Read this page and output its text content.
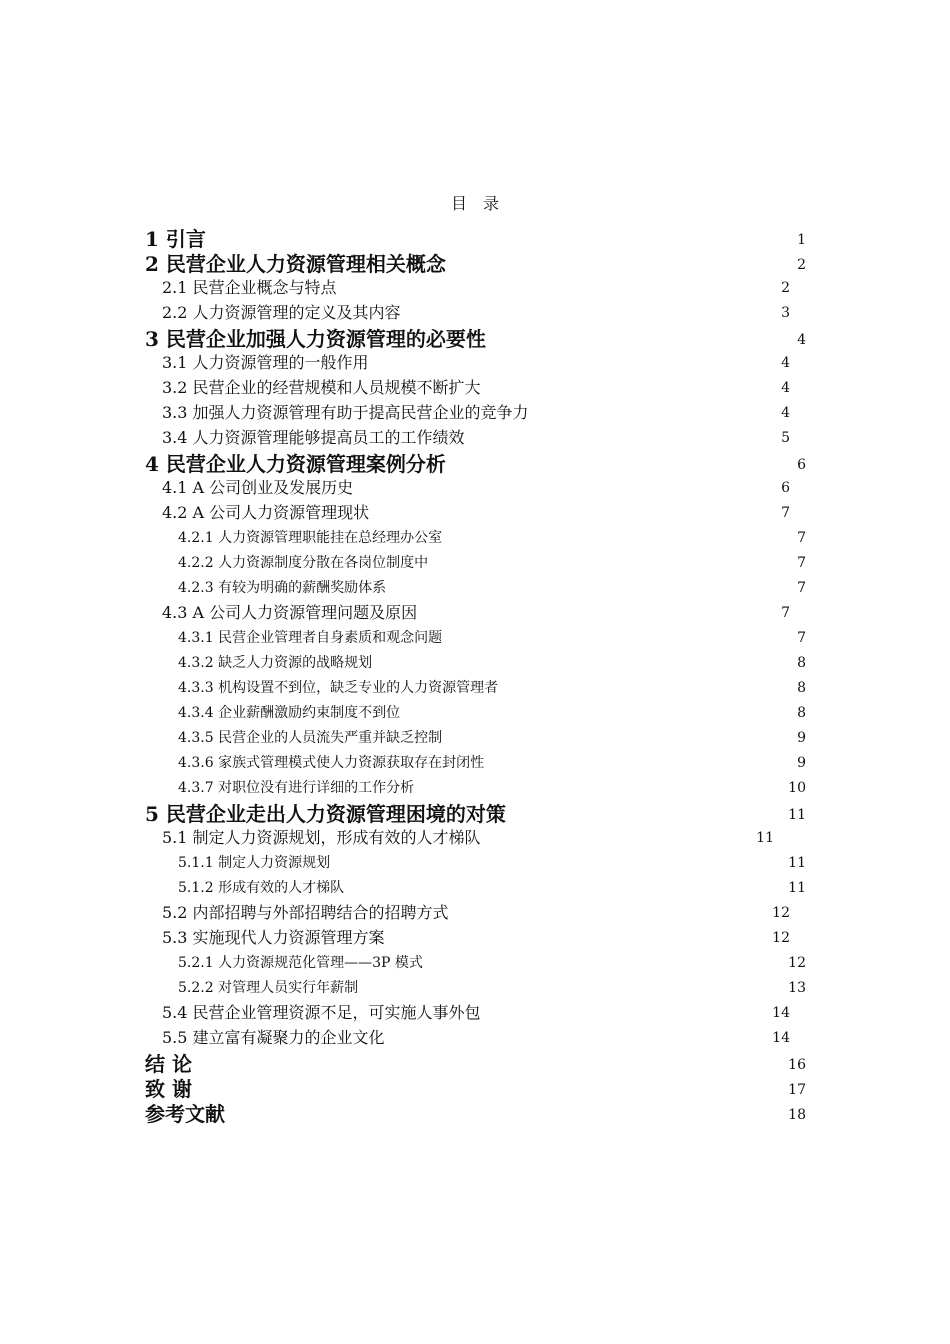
目录
1 引言	1
2 民营企业人力资源管理相关概念	2
2.1 民营企业概念与特点	2
2.2 人力资源管理的定义及其内容	3
3 民营企业加强人力资源管理的必要性	4
3.1 人力资源管理的一般作用	4
3.2 民营企业的经营规模和人员规模不断扩大	4
3.3 加强人力资源管理有助于提高民营企业的竞争力	4
3.4 人力资源管理能够提高员工的工作绩效	5
4 民营企业人力资源管理案例分析	6
4.1 A 公司创业及发展历史	6
4.2 A 公司人力资源管理现状	7
4.2.1 人力资源管理职能挂在总经理办公室	7
4.2.2 人力资源制度分散在各岗位制度中	7
4.2.3 有较为明确的薪酬奖励体系	7
4.3 A 公司人力资源管理问题及原因	7
4.3.1 民营企业管理者自身素质和观念问题	7
4.3.2 缺乏人力资源的战略规划	8
4.3.3 机构设置不到位，缺乏专业的人力资源管理者	8
4.3.4 企业薪酬激励约束制度不到位	8
4.3.5 民营企业的人员流失严重并缺乏控制	9
4.3.6 家族式管理模式使人力资源获取存在封闭性	9
4.3.7 对职位没有进行详细的工作分析	10
5 民营企业走出人力资源管理困境的对策	11
5.1 制定人力资源规划，形成有效的人才梯队	11
5.1.1 制定人力资源规划	11
5.1.2 形成有效的人才梯队	11
5.2 内部招聘与外部招聘结合的招聘方式	12
5.3 实施现代人力资源管理方案	12
5.2.1 人力资源规范化管理——3P 模式	12
5.2.2 对管理人员实行年薪制	13
5.4 民营企业管理资源不足，可实施人事外包	14
5.5 建立富有凝聚力的企业文化	14
结 论	16
致 谢	17
参考文献	18
